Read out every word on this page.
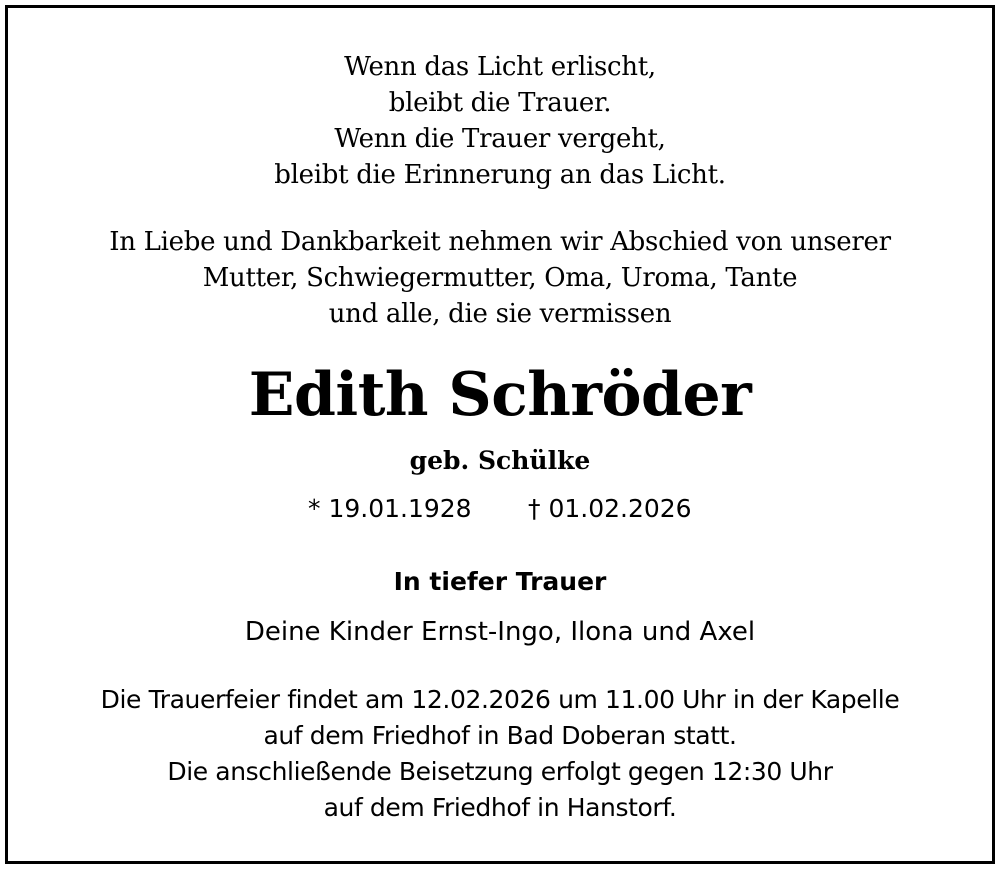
Wenn das Licht erlischt,

bleibt die Trauer.

Wenn die Trauer vergeht,

bleibt die Erinnerung an das Licht.

In Liebe und Dankbarkeit nehmen wir Abschied von unserer

Mutter, Schwiegermutter, Oma, Uroma, Tante

und alle, die sie vermissen

Edith Schröder

geb. Schülke

* 19.01.1928 † 01.02.2026

In tiefer Trauer

Deine Kinder Ernst-Ingo, Ilona und Axel

Die Trauerfeier findet am 12.02.2026 um 11.00 Uhr in der Kapelle

auf dem Friedhof in Bad Doberan statt.

Die anschließende Beisetzung erfolgt gegen 12:30 Uhr

auf dem Friedhof in Hanstorf.
